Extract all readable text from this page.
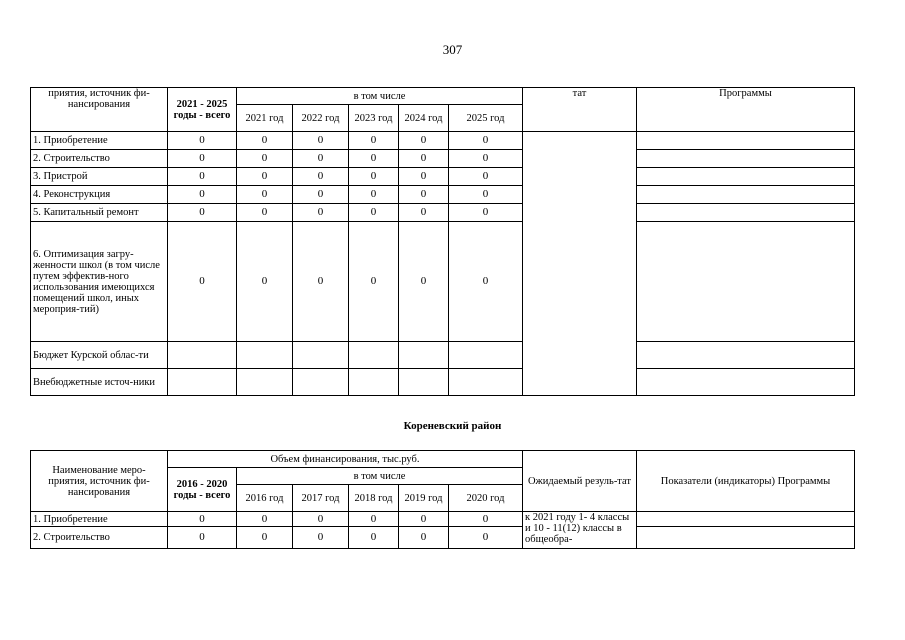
307
приятия, источник фи-нансирования	2021 - 2025 годы - всего	в том числе					тат	Программы
		2021 год	2022 год	2023 год	2024 год	2025 год		
1. Приобретение	0	0	0	0	0	0		
2. Строительство	0	0	0	0	0	0		
3. Пристрой	0	0	0	0	0	0		
4. Реконструкция	0	0	0	0	0	0		
5. Капитальный ремонт	0	0	0	0	0	0		
6. Оптимизация загру-женности школ (в том числе путем эффектив-ного использования имеющихся помещений школ, иных мероприя-тий)	0	0	0	0	0	0		
Бюджет Курской облас-ти								
Внебюджетные источ-ники								
Кореневский район
Наименование меро-приятия, источник фи-нансирования	Объем финансирования, тыс.руб.						Ожидаемый резуль-тат	Показатели (индикаторы) Программы
	2016 - 2020 годы - всего	в том числе						
		2016 год	2017 год	2018 год	2019 год	2020 год		
1. Приобретение	0	0	0	0	0	0	к 2021 году 1- 4 классы и 10 - 11(12) классы в общеобра-	
2. Строительство	0	0	0	0	0	0		
